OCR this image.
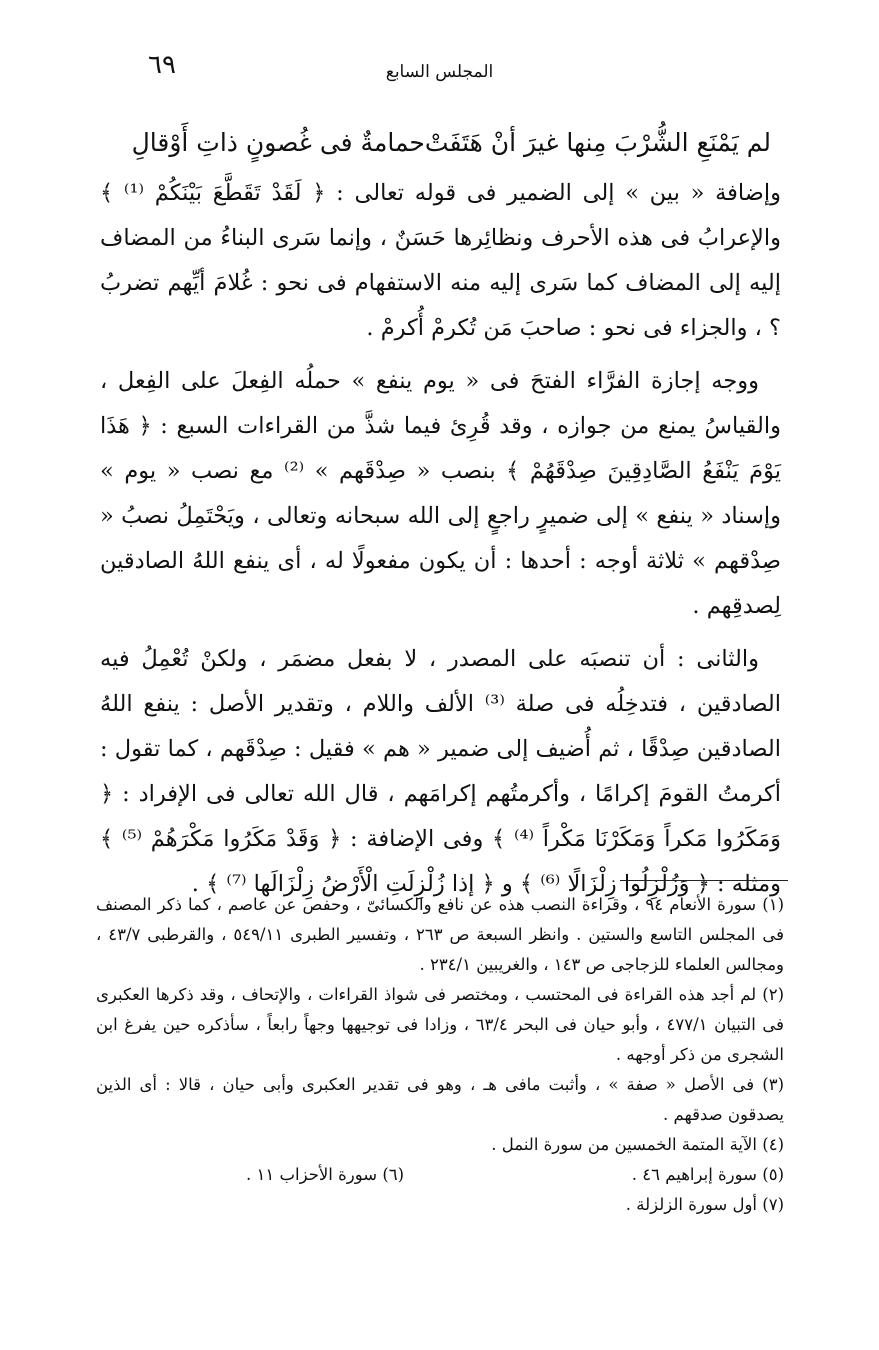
٦٩	المجلس السابع
لم يَمْنَعِ الشُّرْبَ مِنها غيرَ أنْ هَتَفَتْ
حمامةٌ فى غُصونٍ ذاتِ أَوْقالِ

وإضافة « بين » إلى الضمير فى قوله تعالى : ﴿ لَقَدْ تَقَطَّعَ بَيْنَكُمْ ⁽¹⁾ ﴾ والإعرابُ فى هذه الأحرف ونظائِرها حَسَنٌ ، وإنما سَرى البناءُ من المضاف إليه إلى المضاف كما سَرى إليه منه الاستفهام فى نحو : غُلامَ أيِّهم تضربُ ؟ ، والجزاء فى نحو : صاحبَ مَن تُكرمْ أُكرمْ .

ووجه إجازة الفرَّاء الفتحَ فى « يوم ينفع » حملُه الفِعلَ على الفِعل ، والقياسُ يمنع من جوازه ، وقد قُرِئ فيما شذَّ من القراءات السبع : ﴿ هَذَا يَوْمَ يَنْفَعُ الصَّادِقِينَ صِدْقَهُمْ ﴾ بنصب « صِدْقَهم » ⁽²⁾ مع نصب « يوم » وإسناد « ينفع » إلى ضميرٍ راجعٍ إلى الله سبحانه وتعالى ، ويَحْتَمِلُ نصبُ « صِدْقهم » ثلاثة أوجه : أحدها : أن يكون مفعولًا له ، أى ينفع اللهُ الصادقين لِصدقِهم .

والثانى : أن تنصبَه على المصدر ، لا بفعل مضمَر ، ولكنْ تُعْمِلُ فيه الصادقين ، فتدخِلُه فى صلة ⁽³⁾ الألف واللام ، وتقدير الأصل : ينفع اللهُ الصادقين صِدْقًا ، ثم أُضيف إلى ضمير « هم » فقيل : صِدْقَهم ، كما تقول : أكرمتُ القومَ إكرامًا ، وأكرمتُهم إكرامَهم ، قال الله تعالى فى الإفراد : ﴿ وَمَكَرُوا مَكراً وَمَكَرْنَا مَكْراً ⁽⁴⁾ ﴾ وفى الإضافة : ﴿ وَقَدْ مَكَرُوا مَكْرَهُمْ ⁽⁵⁾ ﴾ ومثله : ﴿ وَزُلْزِلُوا زِلْزَالًا ⁽⁶⁾ ﴾ و ﴿ إذا زُلْزِلَتِ الْأَرْضُ زِلْزَالَها ⁽⁷⁾ ﴾ .

(١) سورة الأنعام ٩٤ ، وقراءة النصب هذه عن نافع والكسائىّ ، وحفص عن عاصم ، كما ذكر المصنف فى المجلس التاسع والستين . وانظر السبعة ص ٢٦٣ ، وتفسير الطبرى ٥٤٩/١١ ، والقرطبى ٤٣/٧ ، ومجالس العلماء للزجاجى ص ١٤٣ ، والغريبين ٢٣٤/١ .

(٢) لم أجد هذه القراءة فى المحتسب ، ومختصر فى شواذ القراءات ، والإتحاف ، وقد ذكرها العكبرى فى التبيان ٤٧٧/١ ، وأبو حيان فى البحر ٦٣/٤ ، وزادا فى توجيهها وجهاً رابعاً ، سأذكره حين يفرغ ابن الشجرى من ذكر أوجهه .

(٣) فى الأصل « صفة » ، وأثبت مافى هـ ، وهو فى تقدير العكبرى وأبى حيان ، قالا : أى الذين يصدقون صدقهم .

(٤) الآية المتمة الخمسين من سورة النمل .

(٥) سورة إبراهيم ٤٦ .

(٦) سورة الأحزاب ١١ .

(٧) أول سورة الزلزلة .
